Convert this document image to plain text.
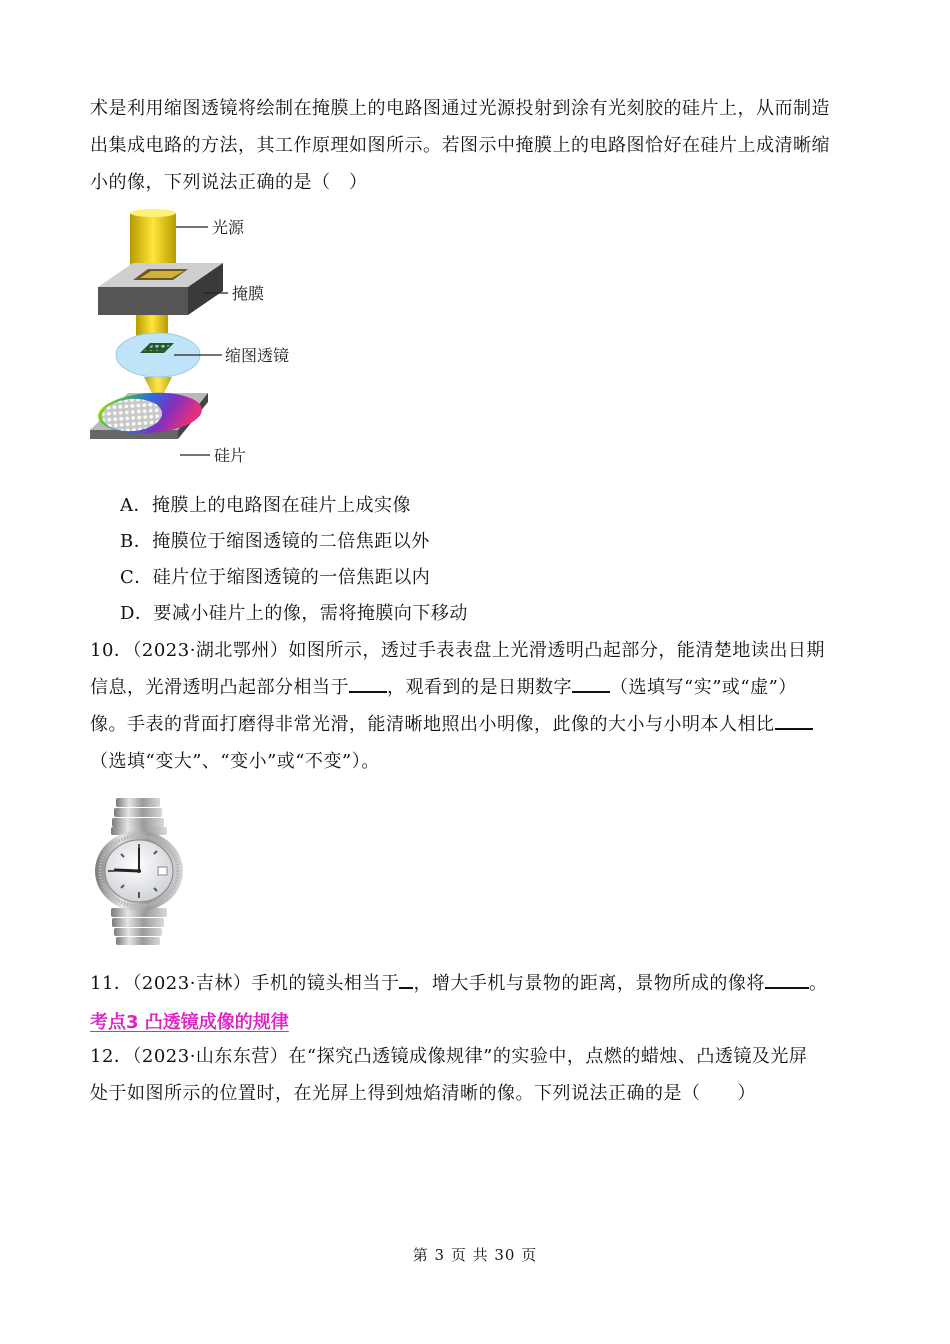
术是利用缩图透镜将绘制在掩膜上的电路图通过光源投射到涂有光刻胶的硅片上，从而制造
出集成电路的方法，其工作原理如图所示。若图示中掩膜上的电路图恰好在硅片上成清晰缩
小的像，下列说法正确的是（　）
光源
掩膜
缩图透镜
硅片
A．掩膜上的电路图在硅片上成实像
B．掩膜位于缩图透镜的二倍焦距以外
C．硅片位于缩图透镜的一倍焦距以内
D．要减小硅片上的像，需将掩膜向下移动
10．（2023·湖北鄂州）如图所示，透过手表表盘上光滑透明凸起部分，能清楚地读出日期
信息，光滑透明凸起部分相当于 ，观看到的是日期数字 （选填写“实”或“虚”）
像。手表的背面打磨得非常光滑，能清晰地照出小明像，此像的大小与小明本人相比
（选填“变大”、“变小”或“不变”）。
11．（2023·吉林）手机的镜头相当于 ，增大手机与景物的距离，景物所成的像将 。
考点3 凸透镜成像的规律
12．（2023·山东东营）在“探究凸透镜成像规律”的实验中，点燃的蜡烛、凸透镜及光屏
处于如图所示的位置时，在光屏上得到烛焰清晰的像。下列说法正确的是（　　）
第 3 页 共 30 页
